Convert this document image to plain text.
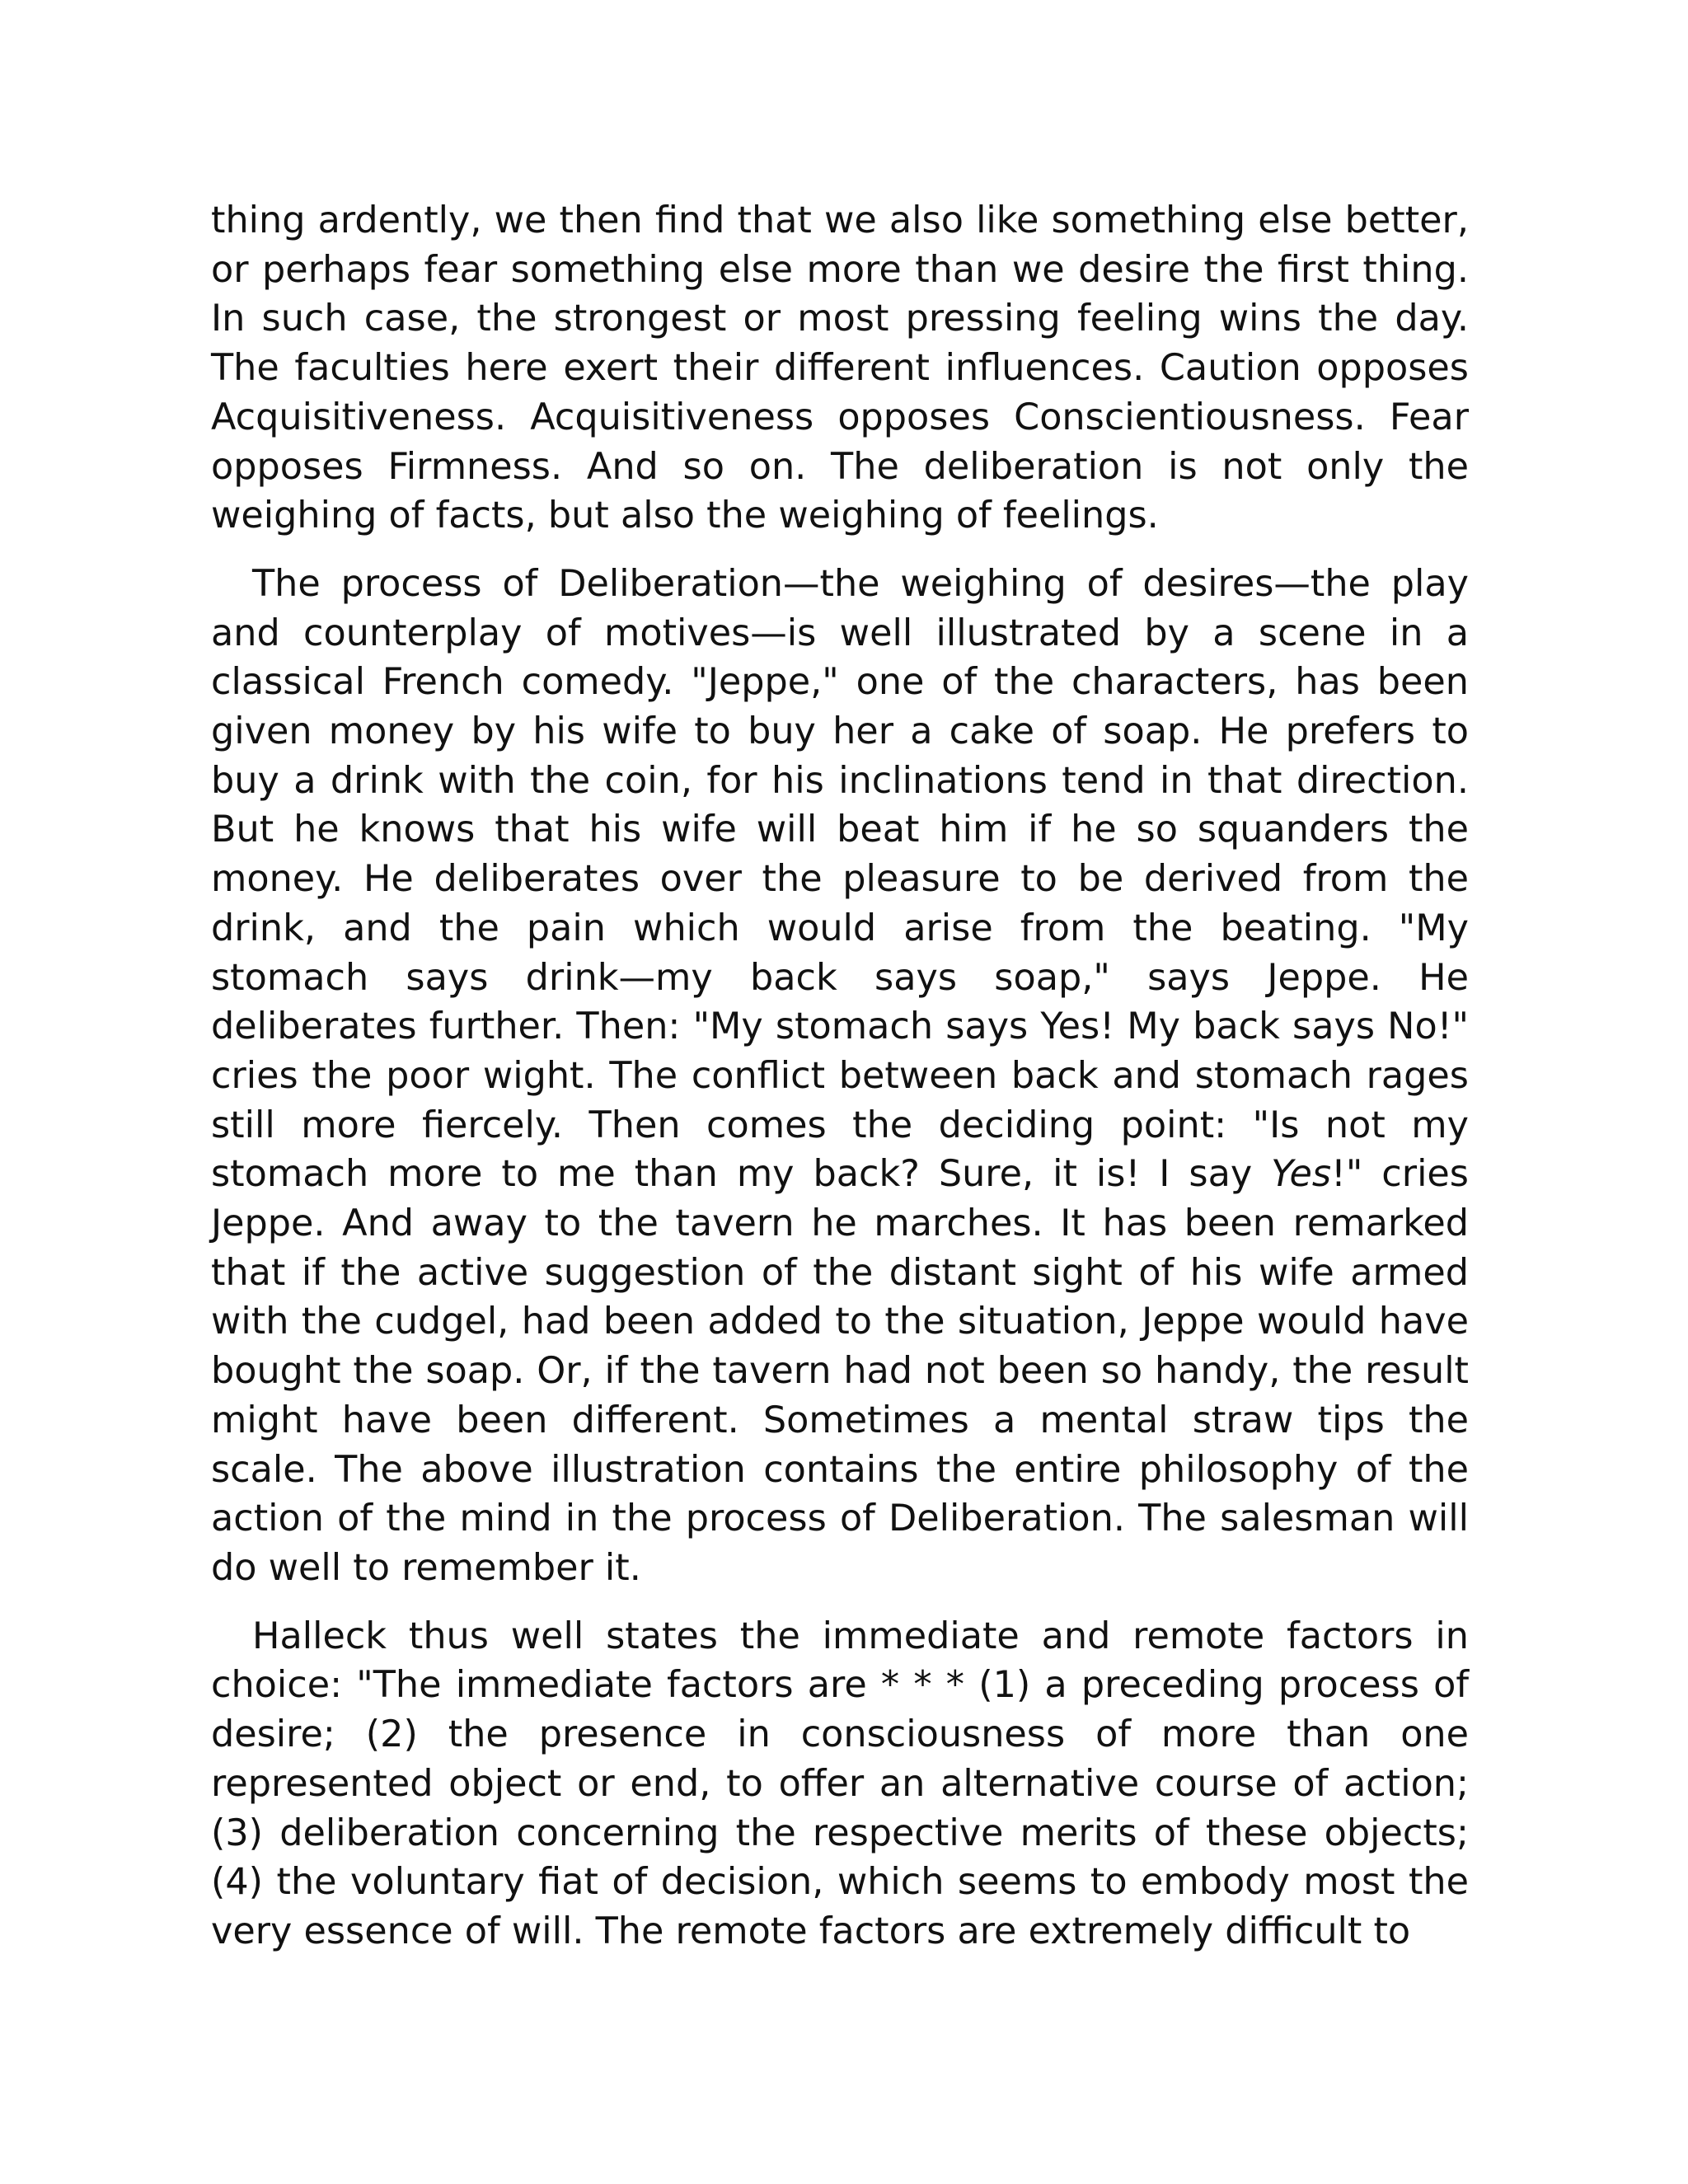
thing ardently, we then find that we also like something else better, or perhaps fear something else more than we desire the first thing. In such case, the strongest or most pressing feeling wins the day. The faculties here exert their different influences. Caution opposes Acquisitiveness. Acquisitiveness opposes Conscientiousness. Fear opposes Firmness. And so on. The deliberation is not only the weighing of facts, but also the weighing of feelings.

The process of Deliberation—the weighing of desires—the play and counterplay of motives—is well illustrated by a scene in a classical French comedy. "Jeppe," one of the characters, has been given money by his wife to buy her a cake of soap. He prefers to buy a drink with the coin, for his inclinations tend in that direction. But he knows that his wife will beat him if he so squanders the money. He deliberates over the pleasure to be derived from the drink, and the pain which would arise from the beating. "My stomach says drink—my back says soap," says Jeppe. He deliberates further. Then: "My stomach says Yes! My back says No!" cries the poor wight. The conflict between back and stomach rages still more fiercely. Then comes the deciding point: "Is not my stomach more to me than my back? Sure, it is! I say Yes!" cries Jeppe. And away to the tavern he marches. It has been remarked that if the active suggestion of the distant sight of his wife armed with the cudgel, had been added to the situation, Jeppe would have bought the soap. Or, if the tavern had not been so handy, the result might have been different. Sometimes a mental straw tips the scale. The above illustration contains the entire philosophy of the action of the mind in the process of Deliberation. The salesman will do well to remember it.

Halleck thus well states the immediate and remote factors in choice: "The immediate factors are * * * (1) a preceding process of desire; (2) the presence in consciousness of more than one represented object or end, to offer an alternative course of action; (3) deliberation concerning the respective merits of these objects; (4) the voluntary fiat of decision, which seems to embody most the very essence of will. The remote factors are extremely difficult to
